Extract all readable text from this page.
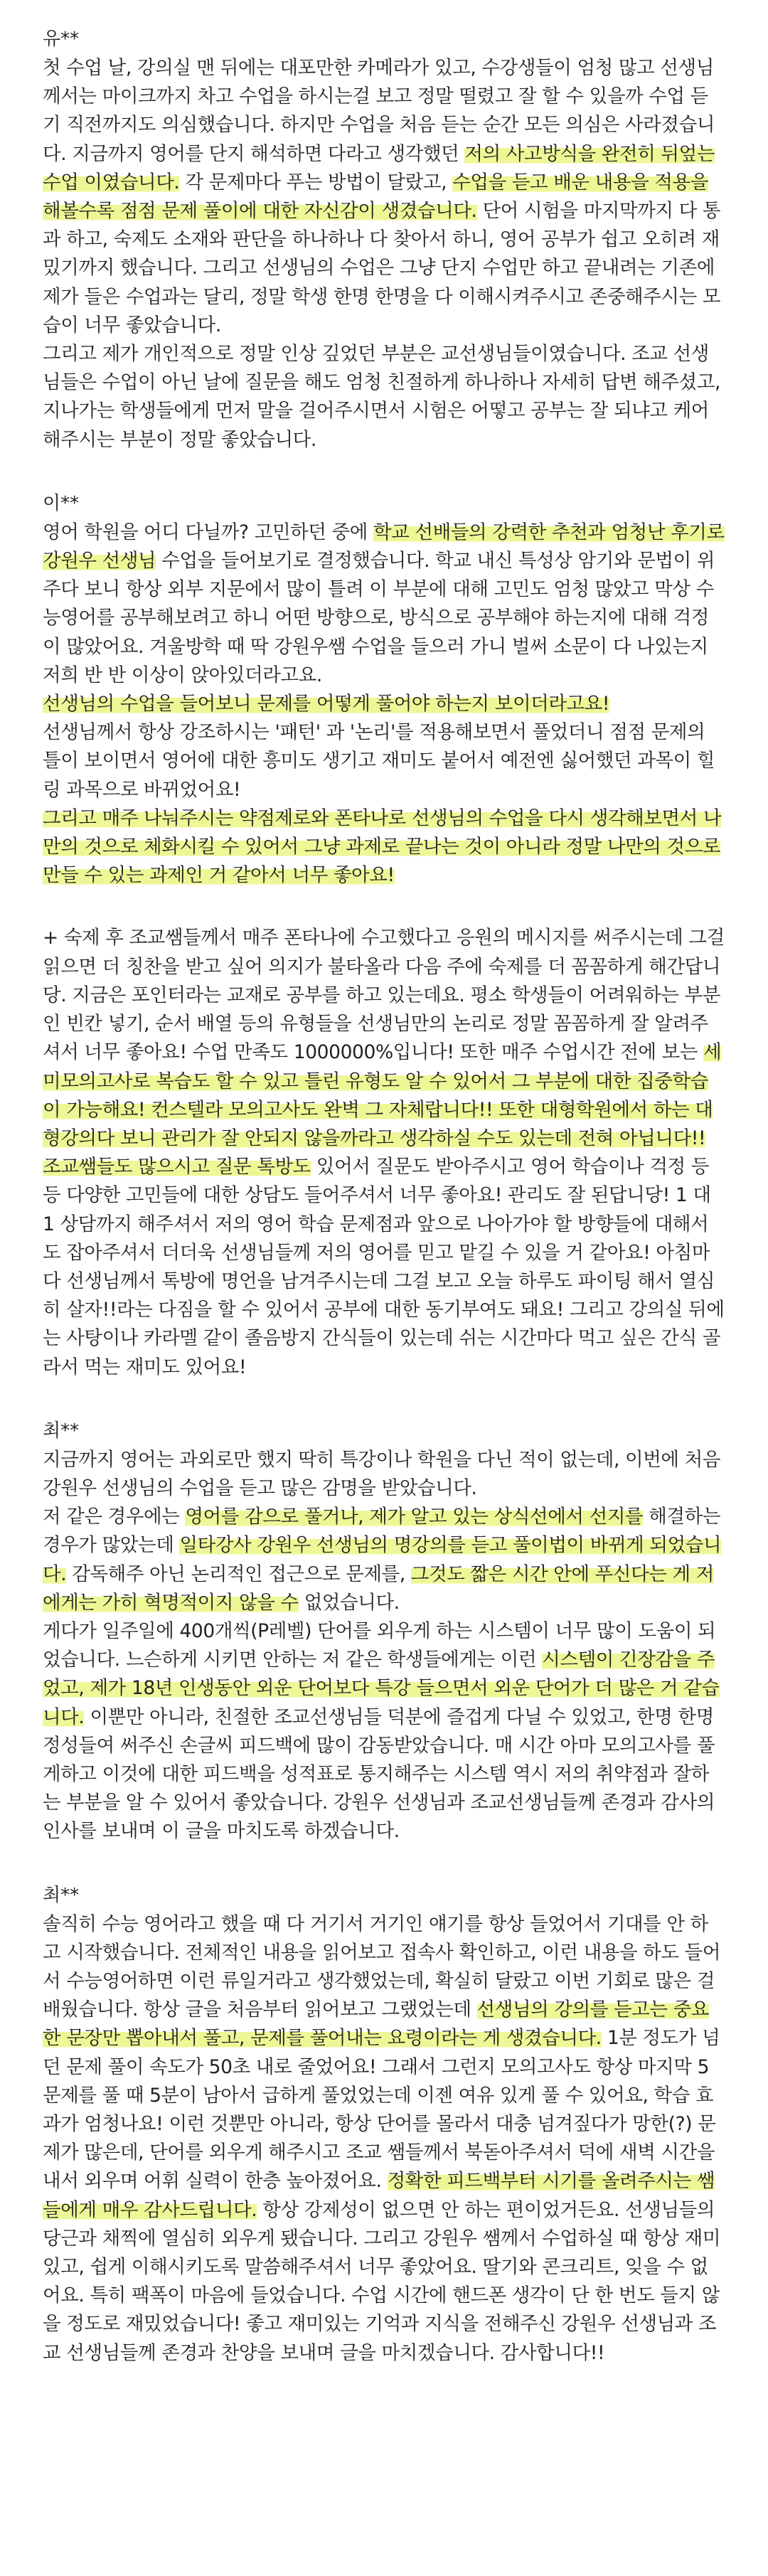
유**
첫 수업 날, 강의실 맨 뒤에는 대포만한 카메라가 있고, 수강생들이 엄청 많고 선생님께서는 마이크까지 차고 수업을 하시는걸 보고 정말 떨렸고 잘 할 수 있을까 수업 듣기 직전까지도 의심했습니다. 하지만 수업을 처음 듣는 순간 모든 의심은 사라졌습니다. 지금까지 영어를 단지 해석하면 다라고 생각했던 저의 사고방식을 완전히 뒤엎는 수업 이였습니다. 각 문제마다 푸는 방법이 달랐고, 수업을 듣고 배운 내용을 적용을 해볼수록 점점 문제 풀이에 대한 자신감이 생겼습니다. 단어 시험을 마지막까지 다 통과 하고, 숙제도 소재와 판단을 하나하나 다 찾아서 하니, 영어 공부가 쉽고 오히려 재밌기까지 했습니다. 그리고 선생님의 수업은 그냥 단지 수업만 하고 끝내려는 기존에 제가 들은 수업과는 달리, 정말 학생 한명 한명을 다 이해시켜주시고 존중해주시는 모습이 너무 좋았습니다.
그리고 제가 개인적으로 정말 인상 깊었던 부분은 교선생님들이였습니다. 조교 선생님들은 수업이 아닌 날에 질문을 해도 엄청 친절하게 하나하나 자세히 답변 해주셨고, 지나가는 학생들에게 먼저 말을 걸어주시면서 시험은 어떻고 공부는 잘 되냐고 케어해주시는 부분이 정말 좋았습니다.
이**
영어 학원을 어디 다닐까? 고민하던 중에 학교 선배들의 강력한 추천과 엄청난 후기로 강원우 선생님 수업을 들어보기로 결정했습니다. 학교 내신 특성상 암기와 문법이 위주다 보니 항상 외부 지문에서 많이 틀려 이 부분에 대해 고민도 엄청 많았고 막상 수능영어를 공부해보려고 하니 어떤 방향으로, 방식으로 공부해야 하는지에 대해 걱정이 많았어요. 겨울방학 때 딱 강원우쌤 수업을 들으러 가니 벌써 소문이 다 나있는지 저희 반 반 이상이 앉아있더라고요.
선생님의 수업을 들어보니 문제를 어떻게 풀어야 하는지 보이더라고요!
선생님께서 항상 강조하시는 '패턴' 과 '논리'를 적용해보면서 풀었더니 점점 문제의 틀이 보이면서 영어에 대한 흥미도 생기고 재미도 붙어서 예전엔 싫어했던 과목이 힐링 과목으로 바뀌었어요!
그리고 매주 나눠주시는 약점제로와 폰타나로 선생님의 수업을 다시 생각해보면서 나만의 것으로 체화시킬 수 있어서 그냥 과제로 끝나는 것이 아니라 정말 나만의 것으로 만들 수 있는 과제인 거 같아서 너무 좋아요!
+ 숙제 후 조교쌤들께서 매주 폰타나에 수고했다고 응원의 메시지를 써주시는데 그걸 읽으면 더 칭찬을 받고 싶어 의지가 불타올라 다음 주에 숙제를 더 꼼꼼하게 해간답니당. 지금은 포인터라는 교재로 공부를 하고 있는데요. 평소 학생들이 어려워하는 부분인 빈칸 넣기, 순서 배열 등의 유형들을 선생님만의 논리로 정말 꼼꼼하게 잘 알려주셔서 너무 좋아요! 수업 만족도 1000000%입니다! 또한 매주 수업시간 전에 보는 세미모의고사로 복습도 할 수 있고 틀린 유형도 알 수 있어서 그 부분에 대한 집중학습이 가능해요! 컨스텔라 모의고사도 완벽 그 자체랍니다!! 또한 대형학원에서 하는 대형강의다 보니 관리가 잘 안되지 않을까라고 생각하실 수도 있는데 전혀 아닙니다!! 조교쌤들도 많으시고 질문 톡방도 있어서 질문도 받아주시고 영어 학습이나 걱정 등등 다양한 고민들에 대한 상담도 들어주셔서 너무 좋아요! 관리도 잘 된답니당! 1 대 1 상담까지 해주셔서 저의 영어 학습 문제점과 앞으로 나아가야 할 방향들에 대해서도 잡아주셔서 더더욱 선생님들께 저의 영어를 믿고 맡길 수 있을 거 같아요! 아침마다 선생님께서 톡방에 명언을 남겨주시는데 그걸 보고 오늘 하루도 파이팅 해서 열심히 살자!!라는 다짐을 할 수 있어서 공부에 대한 동기부여도 돼요! 그리고 강의실 뒤에는 사탕이나 카라멜 같이 졸음방지 간식들이 있는데 쉬는 시간마다 먹고 싶은 간식 골라서 먹는 재미도 있어요!
최**
지금까지 영어는 과외로만 했지 딱히 특강이나 학원을 다닌 적이 없는데, 이번에 처음 강원우 선생님의 수업을 듣고 많은 감명을 받았습니다.
저 같은 경우에는 영어를 감으로 풀거나, 제가 알고 있는 상식선에서 선지를 해결하는 경우가 많았는데 일타강사 강원우 선생님의 명강의를 듣고 풀이법이 바뀌게 되었습니다. 감독해주 아닌 논리적인 접근으로 문제를, 그것도 짧은 시간 안에 푸신다는 게 저에게는 가히 혁명적이지 않을 수 없었습니다.
게다가 일주일에 400개씩(P레벨) 단어를 외우게 하는 시스템이 너무 많이 도움이 되었습니다. 느슨하게 시키면 안하는 저 같은 학생들에게는 이런 시스템이 긴장감을 주었고, 제가 18년 인생동안 외운 단어보다 특강 들으면서 외운 단어가 더 많은 거 같습니다. 이뿐만 아니라, 친절한 조교선생님들 덕분에 즐겁게 다닐 수 있었고, 한명 한명 정성들여 써주신 손글씨 피드백에 많이 감동받았습니다. 매 시간 아마 모의고사를 풀게하고 이것에 대한 피드백을 성적표로 통지해주는 시스템 역시 저의 취약점과 잘하는 부분을 알 수 있어서 좋았습니다. 강원우 선생님과 조교선생님들께 존경과 감사의 인사를 보내며 이 글을 마치도록 하겠습니다.
최**
솔직히 수능 영어라고 했을 때 다 거기서 거기인 얘기를 항상 들었어서 기대를 안 하고 시작했습니다. 전체적인 내용을 읽어보고 접속사 확인하고, 이런 내용을 하도 들어서 수능영어하면 이런 류일거라고 생각했었는데, 확실히 달랐고 이번 기회로 많은 걸 배웠습니다. 항상 글을 처음부터 읽어보고 그랬었는데 선생님의 강의를 듣고는 중요한 문장만 뽑아내서 풀고, 문제를 풀어내는 요령이라는 게 생겼습니다. 1분 정도가 넘던 문제 풀이 속도가 50초 내로 줄었어요! 그래서 그런지 모의고사도 항상 마지막 5 문제를 풀 때 5분이 남아서 급하게 풀었었는데 이젠 여유 있게 풀 수 있어요, 학습 효과가 엄청나요! 이런 것뿐만 아니라, 항상 단어를 몰라서 대충 넘겨짚다가 망한(?) 문제가 많은데, 단어를 외우게 해주시고 조교 쌤들께서 북돋아주셔서 덕에 새벽 시간을 내서 외우며 어휘 실력이 한층 높아졌어요. 정확한 피드백부터 시기를 올려주시는 쌤들에게 매우 감사드립니다. 항상 강제성이 없으면 안 하는 편이었거든요. 선생님들의 당근과 채찍에 열심히 외우게 됐습니다. 그리고 강원우 쌤께서 수업하실 때 항상 재미있고, 쉽게 이해시키도록 말씀해주셔서 너무 좋았어요. 딸기와 콘크리트, 잊을 수 없어요. 특히 팩폭이 마음에 들었습니다. 수업 시간에 핸드폰 생각이 단 한 번도 들지 않을 정도로 재밌었습니다! 좋고 재미있는 기억과 지식을 전해주신 강원우 선생님과 조교 선생님들께 존경과 찬양을 보내며 글을 마치겠습니다. 감사합니다!!
